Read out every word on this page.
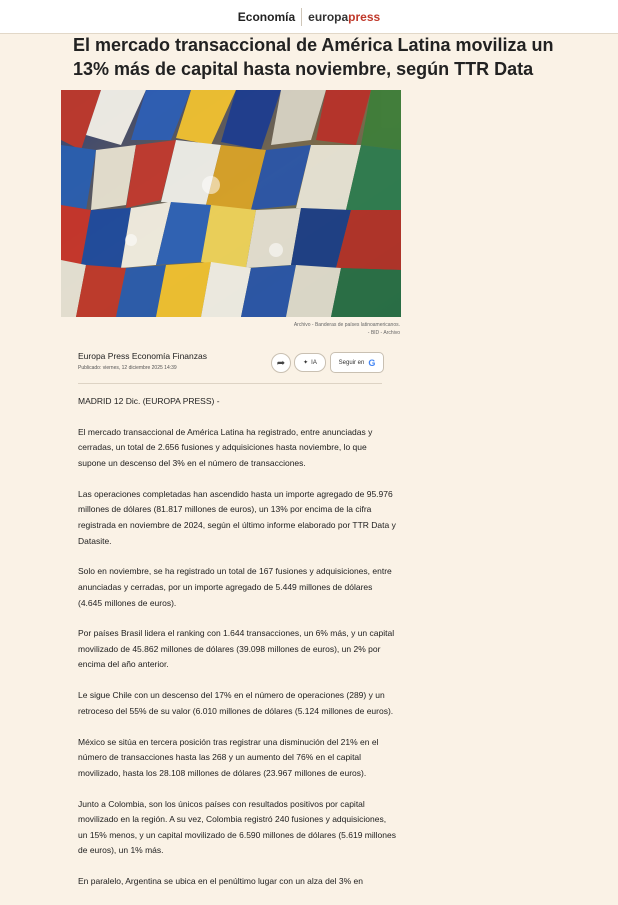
Economía europapress
El mercado transaccional de América Latina moviliza un 13% más de capital hasta noviembre, según TTR Data
Archivo - Banderas de países latinoamericanos.
- BID - Archivo
Europa Press Economía Finanzas
Publicado: viernes, 12 diciembre 2025 14:39	➦	✦ IA	Seguir en G

MADRID 12 Dic. (EUROPA PRESS) -

El mercado transaccional de América Latina ha registrado, entre anunciadas y cerradas, un total de 2.656 fusiones y adquisiciones hasta noviembre, lo que supone un descenso del 3% en el número de transacciones.

Las operaciones completadas han ascendido hasta un importe agregado de 95.976 millones de dólares (81.817 millones de euros), un 13% por encima de la cifra registrada en noviembre de 2024, según el último informe elaborado por TTR Data y Datasite.

Solo en noviembre, se ha registrado un total de 167 fusiones y adquisiciones, entre anunciadas y cerradas, por un importe agregado de 5.449 millones de dólares (4.645 millones de euros).

Por países Brasil lidera el ranking con 1.644 transacciones, un 6% más, y un capital movilizado de 45.862 millones de dólares (39.098 millones de euros), un 2% por encima del año anterior.

Le sigue Chile con un descenso del 17% en el número de operaciones (289) y un retroceso del 55% de su valor (6.010 millones de dólares (5.124 millones de euros).

México se sitúa en tercera posición tras registrar una disminución del 21% en el número de transacciones hasta las 268 y un aumento del 76% en el capital movilizado, hasta los 28.108 millones de dólares (23.967 millones de euros).

Junto a Colombia, son los únicos países con resultados positivos por capital movilizado en la región. A su vez, Colombia registró 240 fusiones y adquisiciones, un 15% menos, y un capital movilizado de 6.590 millones de dólares (5.619 millones de euros), un 1% más.

En paralelo, Argentina se ubica en el penúltimo lugar con un alza del 3% en
